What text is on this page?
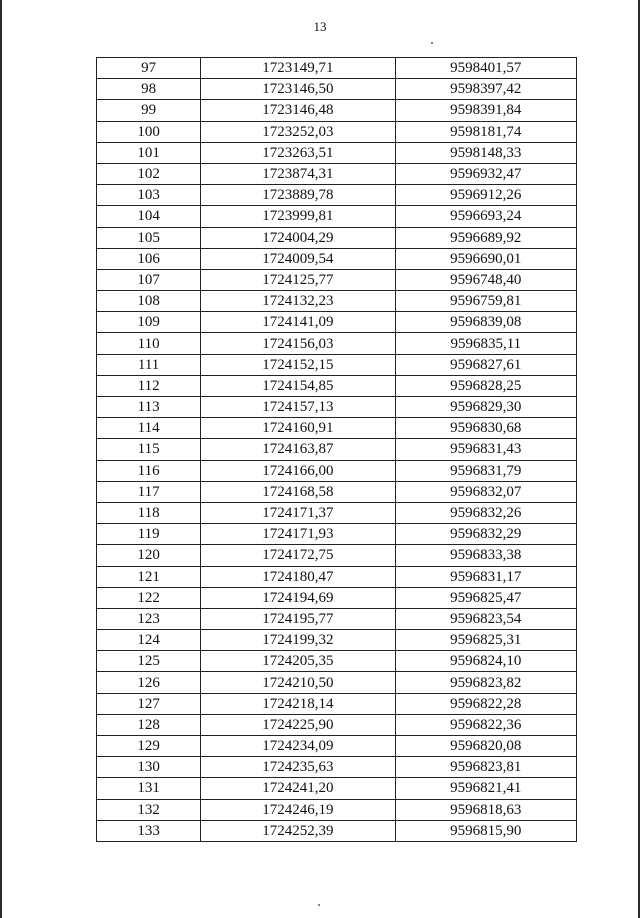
13
97	1723149,71	9598401,57
98	1723146,50	9598397,42
99	1723146,48	9598391,84
100	1723252,03	9598181,74
101	1723263,51	9598148,33
102	1723874,31	9596932,47
103	1723889,78	9596912,26
104	1723999,81	9596693,24
105	1724004,29	9596689,92
106	1724009,54	9596690,01
107	1724125,77	9596748,40
108	1724132,23	9596759,81
109	1724141,09	9596839,08
110	1724156,03	9596835,11
111	1724152,15	9596827,61
112	1724154,85	9596828,25
113	1724157,13	9596829,30
114	1724160,91	9596830,68
115	1724163,87	9596831,43
116	1724166,00	9596831,79
117	1724168,58	9596832,07
118	1724171,37	9596832,26
119	1724171,93	9596832,29
120	1724172,75	9596833,38
121	1724180,47	9596831,17
122	1724194,69	9596825,47
123	1724195,77	9596823,54
124	1724199,32	9596825,31
125	1724205,35	9596824,10
126	1724210,50	9596823,82
127	1724218,14	9596822,28
128	1724225,90	9596822,36
129	1724234,09	9596820,08
130	1724235,63	9596823,81
131	1724241,20	9596821,41
132	1724246,19	9596818,63
133	1724252,39	9596815,90
